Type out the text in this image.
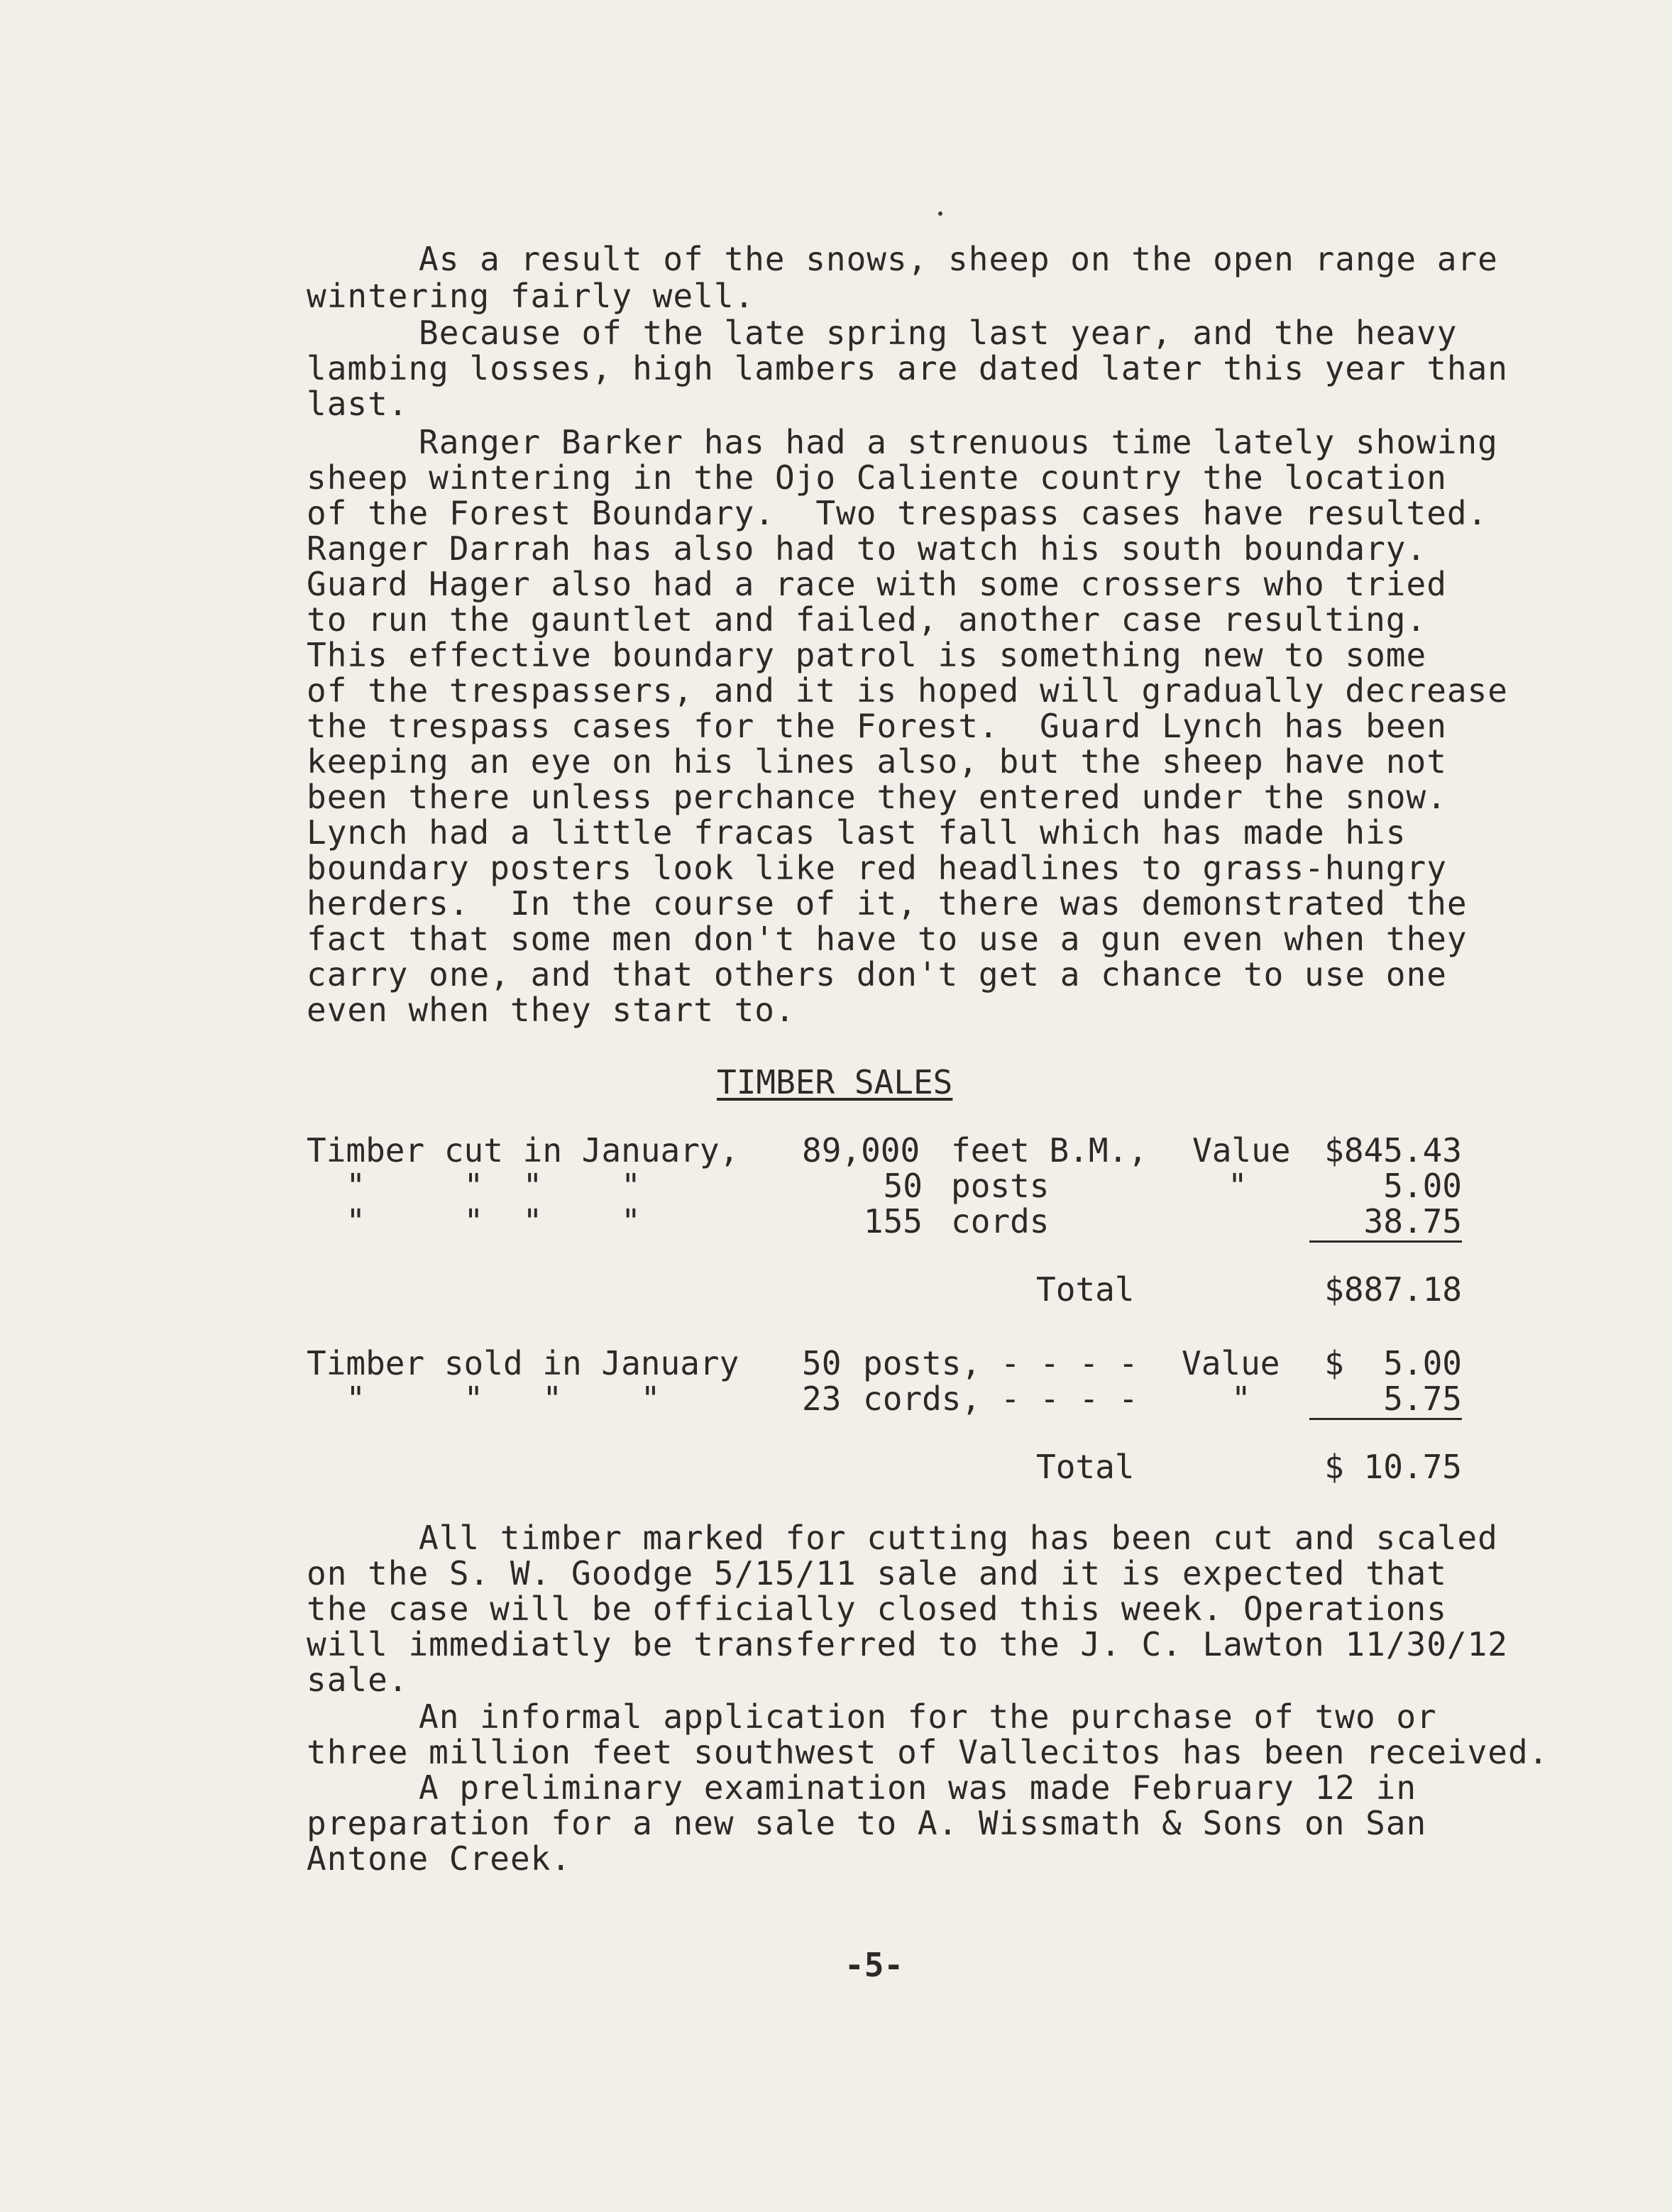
As a result of the snows, sheep on the open range are
wintering fairly well.
Because of the late spring last year, and the heavy
lambing losses, high lambers are dated later this year than
last.
Ranger Barker has had a strenuous time lately showing
sheep wintering in the Ojo Caliente country the location
of the Forest Boundary.  Two trespass cases have resulted.
Ranger Darrah has also had to watch his south boundary.
Guard Hager also had a race with some crossers who tried
to run the gauntlet and failed, another case resulting.
This effective boundary patrol is something new to some
of the trespassers, and it is hoped will gradually decrease
the trespass cases for the Forest.  Guard Lynch has been
keeping an eye on his lines also, but the sheep have not
been there unless perchance they entered under the snow.
Lynch had a little fracas last fall which has made his
boundary posters look like red headlines to grass-hungry
herders.  In the course of it, there was demonstrated the
fact that some men don't have to use a gun even when they
carry one, and that others don't get a chance to use one
even when they start to.
TIMBER SALES
Timber cut in January, 89,000 feet B.M., Value	$845.43
"     "  "    "	50 posts	"	5.00
"     "  "    "	155 cords	38.75
Total	$887.18
Timber sold in January 50 posts, - - - - Value	$  5.00
"     "   "    "	23 cords, - - - -	"	5.75
Total	$ 10.75
All timber marked for cutting has been cut and scaled
on the S. W. Goodge 5/15/11 sale and it is expected that
the case will be officially closed this week. Operations
will immediatly be transferred to the J. C. Lawton 11/30/12
sale.
An informal application for the purchase of two or
three million feet southwest of Vallecitos has been received.
A preliminary examination was made February 12 in
preparation for a new sale to A. Wissmath & Sons on San
Antone Creek.
-5-
